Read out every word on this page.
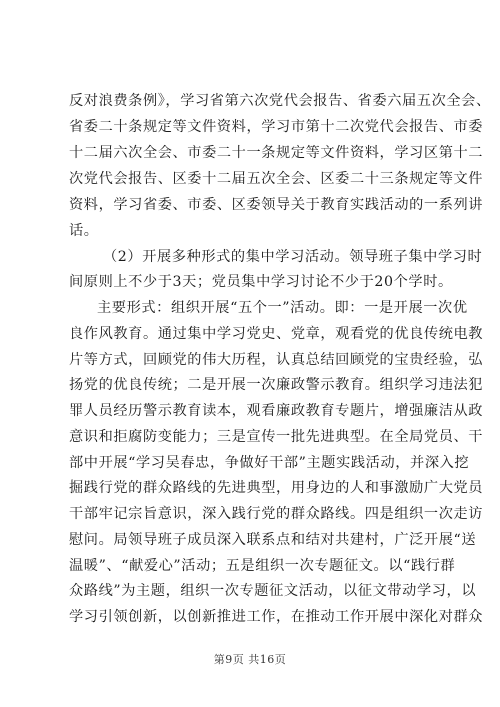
反对浪费条例》，学习省第六次党代会报告、省委六届五次全会、
省委二十条规定等文件资料，学习市第十二次党代会报告、市委
十二届六次全会、市委二十一条规定等文件资料，学习区第十二
次党代会报告、区委十二届五次全会、区委二十三条规定等文件
资料，学习省委、市委、区委领导关于教育实践活动的一系列讲
话。
（2）开展多种形式的集中学习活动。领导班子集中学习时
间原则上不少于3天；党员集中学习讨论不少于20个学时。
主要形式：组织开展“五个一”活动。即：一是开展一次优
良作风教育。通过集中学习党史、党章，观看党的优良传统电教
片等方式，回顾党的伟大历程，认真总结回顾党的宝贵经验，弘
扬党的优良传统；二是开展一次廉政警示教育。组织学习违法犯
罪人员经历警示教育读本，观看廉政教育专题片，增强廉洁从政
意识和拒腐防变能力；三是宣传一批先进典型。在全局党员、干
部中开展“学习吴春忠，争做好干部”主题实践活动，并深入挖
掘践行党的群众路线的先进典型，用身边的人和事激励广大党员
干部牢记宗旨意识，深入践行党的群众路线。四是组织一次走访
慰问。局领导班子成员深入联系点和结对共建村，广泛开展“送
温暖”、“献爱心”活动；五是组织一次专题征文。以“践行群
众路线”为主题，组织一次专题征文活动，以征文带动学习，以
学习引领创新，以创新推进工作，在推动工作开展中深化对群众
第9页 共16页
